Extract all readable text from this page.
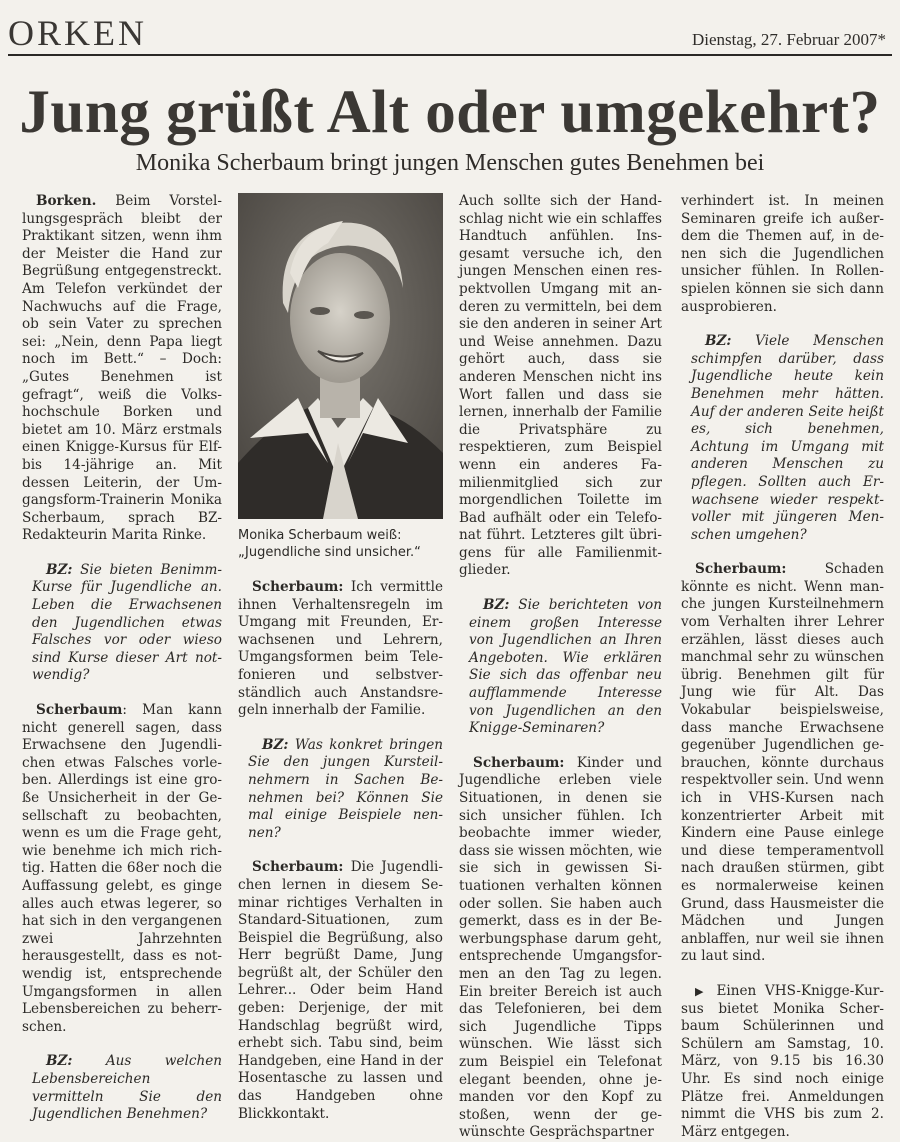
ORKEN	Dienstag, 27. Februar 2007*
Jung grüßt Alt oder umgekehrt?
Monika Scherbaum bringt jungen Menschen gutes Benehmen bei

Borken. Beim Vorstellungsgespräch bleibt der Praktikant sitzen, wenn ihm der Meister die Hand zur Begrüßung entgegenstreckt. Am Telefon verkündet der Nachwuchs auf die Frage, ob sein Vater zu sprechen sei: „Nein, denn Papa liegt noch im Bett.“ – Doch: „Gutes Benehmen ist gefragt“, weiß die Volkshochschule Borken und bietet am 10. März erstmals einen Knigge-Kursus für Elf- bis 14-jährige an. Mit dessen Leiterin, der Umgangsform-Trainerin Monika Scherbaum, sprach BZ-Redakteurin Marita Rinke.

BZ: Sie bieten Benimm-Kurse für Jugendliche an. Leben die Erwachsenen den Jugendlichen etwas Falsches vor oder wieso sind Kurse dieser Art notwendig?

Scherbaum: Man kann nicht generell sagen, dass Erwachsene den Jugendlichen etwas Falsches vorleben. Allerdings ist eine große Unsicherheit in der Gesellschaft zu beobachten, wenn es um die Frage geht, wie benehme ich mich richtig. Hatten die 68er noch die Auffassung gelebt, es ginge alles auch etwas legerer, so hat sich in den vergangenen zwei Jahrzehnten herausgestellt, dass es notwendig ist, entsprechende Umgangsformen in allen Lebensbereichen zu beherrschen.

BZ: Aus welchen Lebensbereichen vermitteln Sie den Jugendlichen Benehmen?

Monika Scherbaum weiß: „Jugendliche sind unsicher.“

Scherbaum: Ich vermittle ihnen Verhaltensregeln im Umgang mit Freunden, Erwachsenen und Lehrern, Umgangsformen beim Telefonieren und selbstverständlich auch Anstandsregeln innerhalb der Familie.

BZ: Was konkret bringen Sie den jungen Kursteilnehmern in Sachen Benehmen bei? Können Sie mal einige Beispiele nennen?

Scherbaum: Die Jugendlichen lernen in diesem Seminar richtiges Verhalten in Standard-Situationen, zum Beispiel die Begrüßung, also Herr begrüßt Dame, Jung begrüßt alt, der Schüler den Lehrer... Oder beim Hand geben: Derjenige, der mit Handschlag begrüßt wird, erhebt sich. Tabu sind, beim Handgeben, eine Hand in der Hosentasche zu lassen und das Handgeben ohne Blickkontakt.

Auch sollte sich der Handschlag nicht wie ein schlaffes Handtuch anfühlen. Insgesamt versuche ich, den jungen Menschen einen respektvollen Umgang mit anderen zu vermitteln, bei dem sie den anderen in seiner Art und Weise annehmen. Dazu gehört auch, dass sie anderen Menschen nicht ins Wort fallen und dass sie lernen, innerhalb der Familie die Privatsphäre zu respektieren, zum Beispiel wenn ein anderes Familienmitglied sich zur morgendlichen Toilette im Bad aufhält oder ein Telefonat führt. Letzteres gilt übrigens für alle Familienmitglieder.

BZ: Sie berichteten von einem großen Interesse von Jugendlichen an Ihren Angeboten. Wie erklären Sie sich das offenbar neu aufflammende Interesse von Jugendlichen an den Knigge-Seminaren?

Scherbaum: Kinder und Jugendliche erleben viele Situationen, in denen sie sich unsicher fühlen. Ich beobachte immer wieder, dass sie wissen möchten, wie sie sich in gewissen Situationen verhalten können oder sollen. Sie haben auch gemerkt, dass es in der Bewerbungsphase darum geht, entsprechende Umgangsformen an den Tag zu legen. Ein breiter Bereich ist auch das Telefonieren, bei dem sich Jugendliche Tipps wünschen. Wie lässt sich zum Beispiel ein Telefonat elegant beenden, ohne jemanden vor den Kopf zu stoßen, wenn der gewünschte Gesprächspartner

verhindert ist. In meinen Seminaren greife ich außerdem die Themen auf, in denen sich die Jugendlichen unsicher fühlen. In Rollenspielen können sie sich dann ausprobieren.

BZ: Viele Menschen schimpfen darüber, dass Jugendliche heute kein Benehmen mehr hätten. Auf der anderen Seite heißt es, sich benehmen, Achtung im Umgang mit anderen Menschen zu pflegen. Sollten auch Erwachsene wieder respektvoller mit jüngeren Menschen umgehen?

Scherbaum: Schaden könnte es nicht. Wenn manche jungen Kursteilnehmern vom Verhalten ihrer Lehrer erzählen, lässt dieses auch manchmal sehr zu wünschen übrig. Benehmen gilt für Jung wie für Alt. Das Vokabular beispielsweise, dass manche Erwachsene gegenüber Jugendlichen gebrauchen, könnte durchaus respektvoller sein. Und wenn ich in VHS-Kursen nach konzentrierter Arbeit mit Kindern eine Pause einlege und diese temperamentvoll nach draußen stürmen, gibt es normalerweise keinen Grund, dass Hausmeister die Mädchen und Jungen anblaffen, nur weil sie ihnen zu laut sind.

▶ Einen VHS-Knigge-Kursus bietet Monika Scherbaum Schülerinnen und Schülern am Samstag, 10. März, von 9.15 bis 16.30 Uhr. Es sind noch einige Plätze frei. Anmeldungen nimmt die VHS bis zum 2. März entgegen.
